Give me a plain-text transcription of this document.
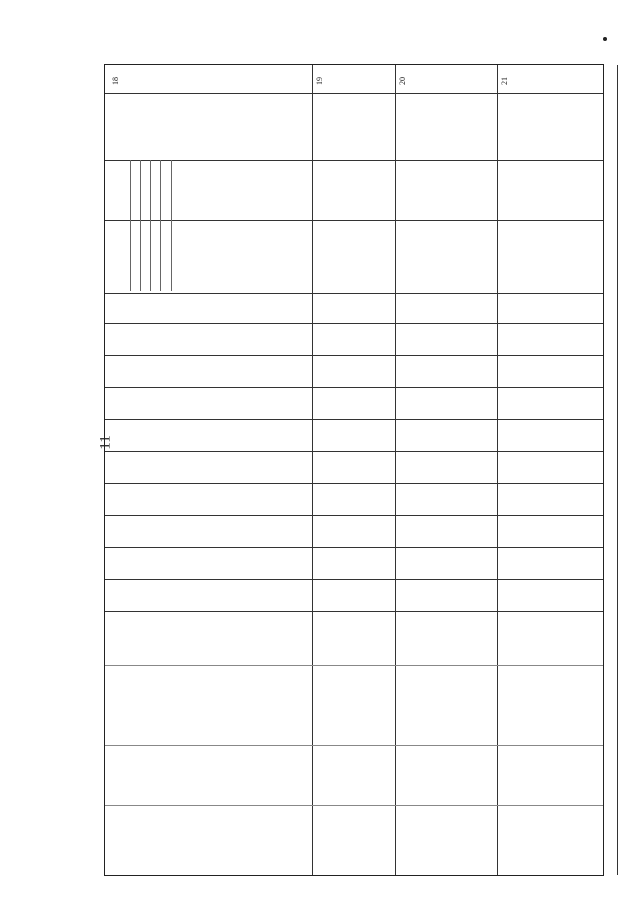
11
18	19	20	21
